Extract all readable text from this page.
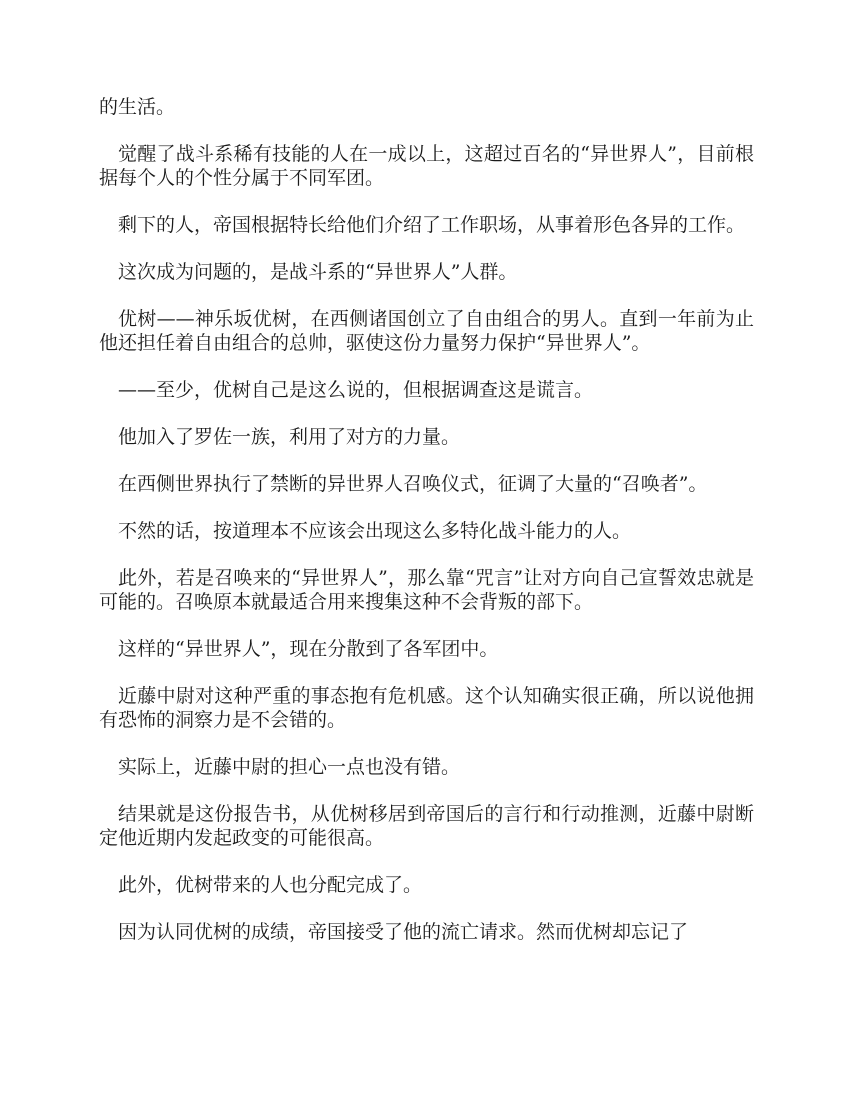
的生活。

觉醒了战斗系稀有技能的人在一成以上，这超过百名的“异世界人”，目前根据每个人的个性分属于不同军团。

剩下的人，帝国根据特长给他们介绍了工作职场，从事着形色各异的工作。

这次成为问题的，是战斗系的“异世界人”人群。

优树——神乐坂优树，在西侧诸国创立了自由组合的男人。直到一年前为止他还担任着自由组合的总帅，驱使这份力量努力保护“异世界人”。

——至少，优树自己是这么说的，但根据调查这是谎言。

他加入了罗佐一族，利用了对方的力量。

在西侧世界执行了禁断的异世界人召唤仪式，征调了大量的“召唤者”。

不然的话，按道理本不应该会出现这么多特化战斗能力的人。

此外，若是召唤来的“异世界人”，那么靠“咒言”让对方向自己宣誓效忠就是可能的。召唤原本就最适合用来搜集这种不会背叛的部下。

这样的“异世界人”，现在分散到了各军团中。

近藤中尉对这种严重的事态抱有危机感。这个认知确实很正确，所以说他拥有恐怖的洞察力是不会错的。

实际上，近藤中尉的担心一点也没有错。

结果就是这份报告书，从优树移居到帝国后的言行和行动推测，近藤中尉断定他近期内发起政变的可能很高。

此外，优树带来的人也分配完成了。

因为认同优树的成绩，帝国接受了他的流亡请求。然而优树却忘记了
